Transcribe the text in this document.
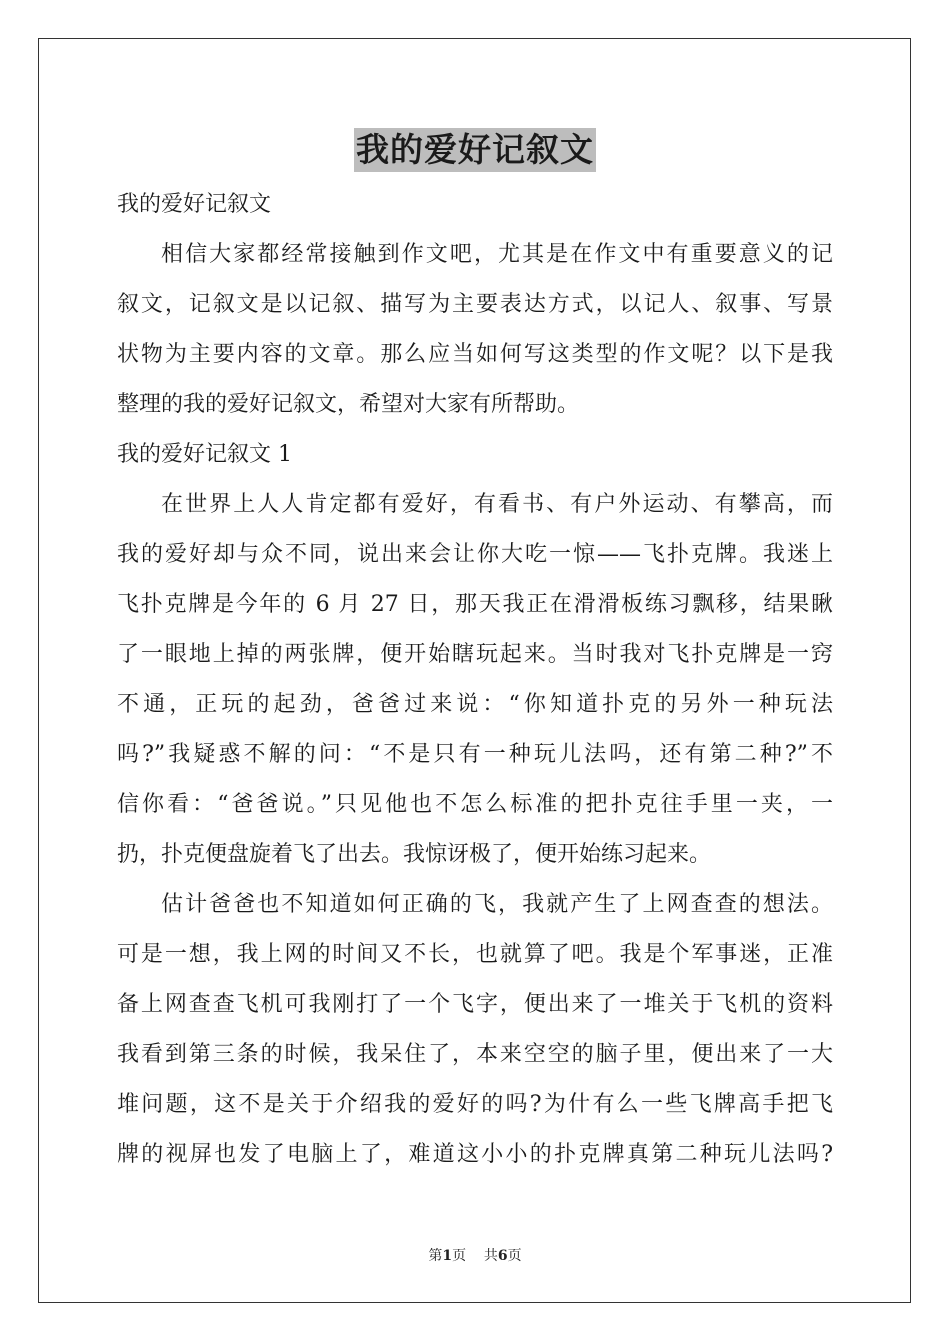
我的爱好记叙文
我的爱好记叙文
相信大家都经常接触到作文吧，尤其是在作文中有重要意义的记
叙文，记叙文是以记叙、描写为主要表达方式，以记人、叙事、写景
状物为主要内容的文章。那么应当如何写这类型的作文呢？以下是我
整理的我的爱好记叙文，希望对大家有所帮助。
我的爱好记叙文 1
在世界上人人肯定都有爱好，有看书、有户外运动、有攀高，而
我的爱好却与众不同，说出来会让你大吃一惊——飞扑克牌。我迷上
飞扑克牌是今年的 6 月 27 日，那天我正在滑滑板练习飘移，结果瞅
了一眼地上掉的两张牌，便开始瞎玩起来。当时我对飞扑克牌是一窍
不通，正玩的起劲，爸爸过来说：“你知道扑克的另外一种玩法
吗?”我疑惑不解的问：“不是只有一种玩儿法吗，还有第二种?”不
信你看：“爸爸说。”只见他也不怎么标准的把扑克往手里一夹，一
扔，扑克便盘旋着飞了出去。我惊讶极了，便开始练习起来。
估计爸爸也不知道如何正确的飞，我就产生了上网查查的想法。
可是一想，我上网的时间又不长，也就算了吧。我是个军事迷，正准
备上网查查飞机可我刚打了一个飞字，便出来了一堆关于飞机的资料
我看到第三条的时候，我呆住了，本来空空的脑子里，便出来了一大
堆问题，这不是关于介绍我的爱好的吗?为什有么一些飞牌高手把飞
牌的视屏也发了电脑上了，难道这小小的扑克牌真第二种玩儿法吗?
第1页 共6页
